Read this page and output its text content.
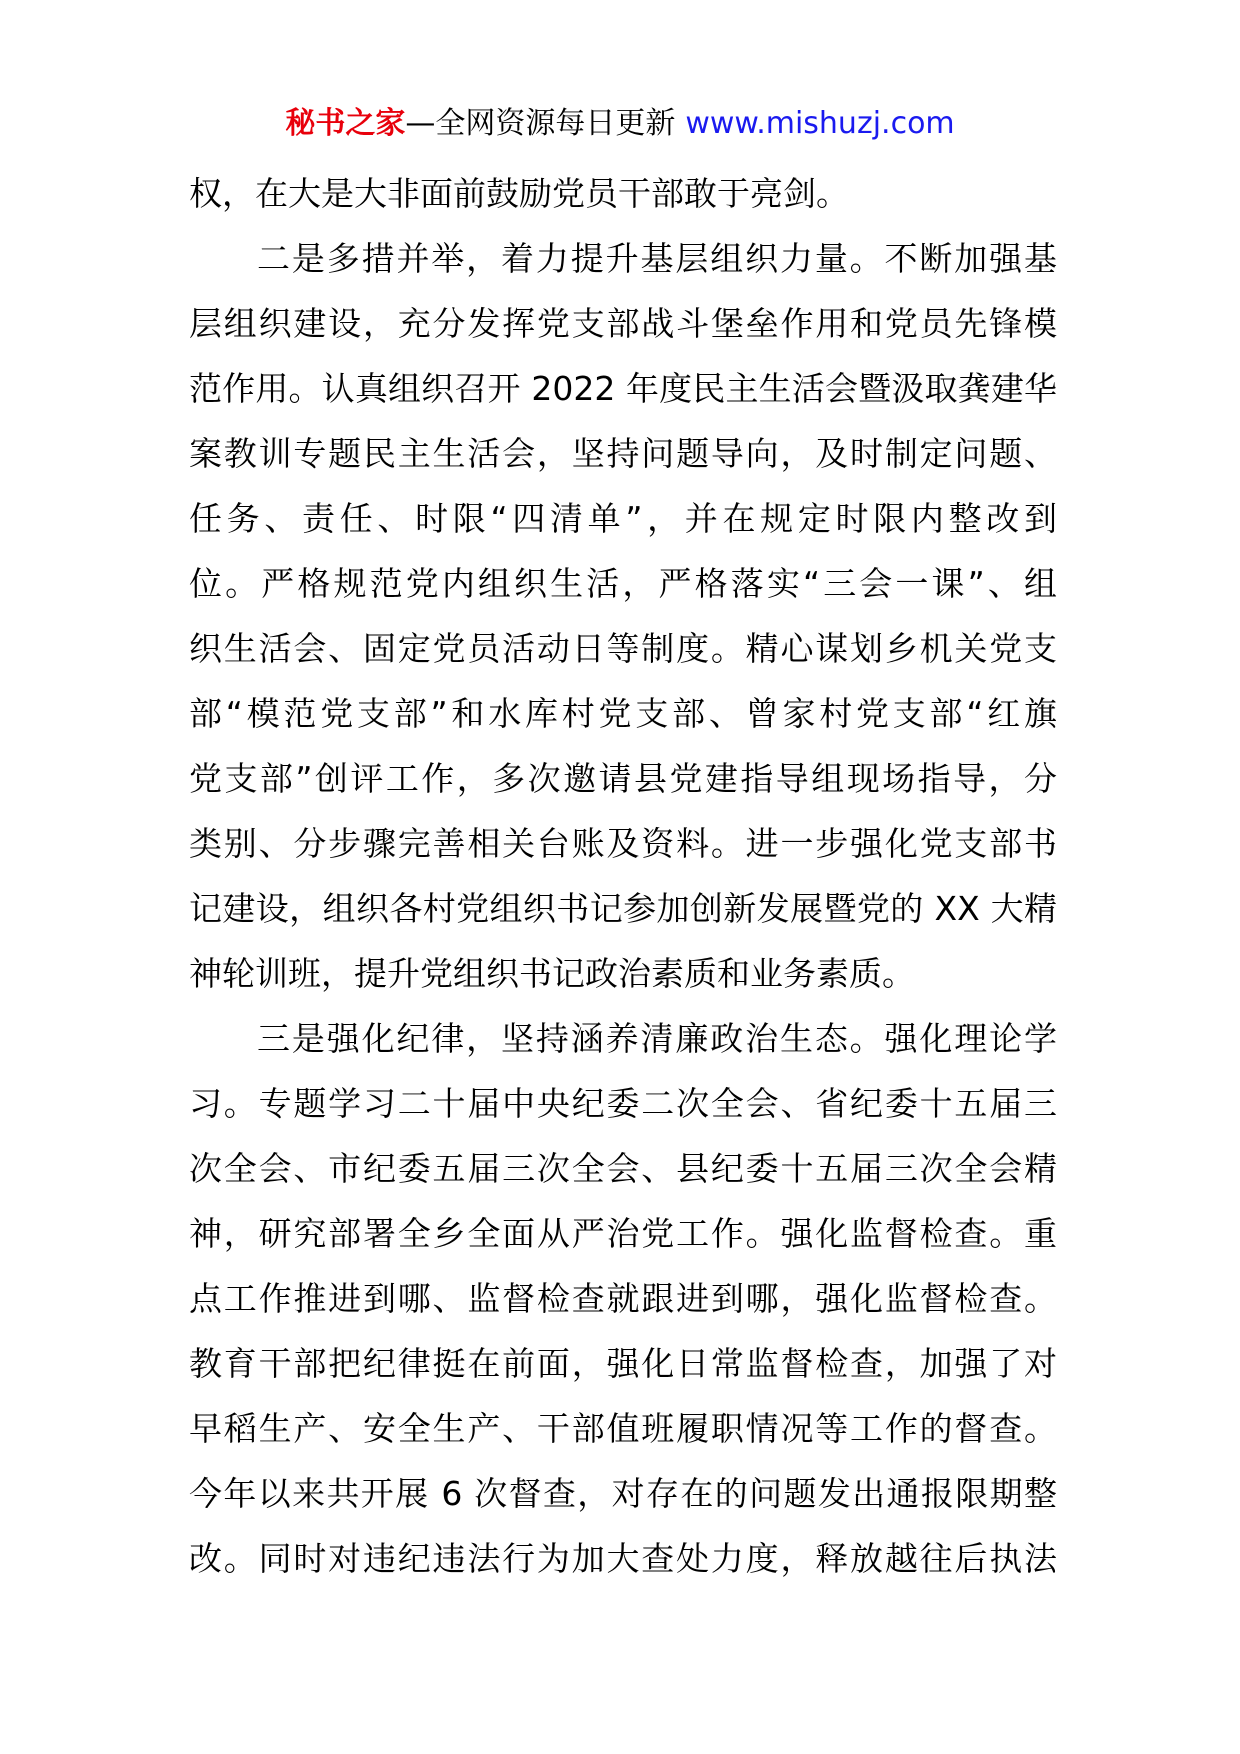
秘书之家—全网资源每日更新 www.mishuzj.com
权，在大是大非面前鼓励党员干部敢于亮剑。
二是多措并举，着力提升基层组织力量。不断加强基
层组织建设，充分发挥党支部战斗堡垒作用和党员先锋模
范作用。认真组织召开 2022 年度民主生活会暨汲取龚建华
案教训专题民主生活会，坚持问题导向，及时制定问题、
任务、责任、时限“四清单”，并在规定时限内整改到
位。严格规范党内组织生活，严格落实“三会一课”、组
织生活会、固定党员活动日等制度。精心谋划乡机关党支
部“模范党支部”和水库村党支部、曾家村党支部“红旗
党支部”创评工作，多次邀请县党建指导组现场指导，分
类别、分步骤完善相关台账及资料。进一步强化党支部书
记建设，组织各村党组织书记参加创新发展暨党的 XX 大精
神轮训班，提升党组织书记政治素质和业务素质。
三是强化纪律，坚持涵养清廉政治生态。强化理论学
习。专题学习二十届中央纪委二次全会、省纪委十五届三
次全会、市纪委五届三次全会、县纪委十五届三次全会精
神，研究部署全乡全面从严治党工作。强化监督检查。重
点工作推进到哪、监督检查就跟进到哪，强化监督检查。
教育干部把纪律挺在前面，强化日常监督检查，加强了对
早稻生产、安全生产、干部值班履职情况等工作的督查。
今年以来共开展 6 次督查，对存在的问题发出通报限期整
改。同时对违纪违法行为加大查处力度，释放越往后执法
